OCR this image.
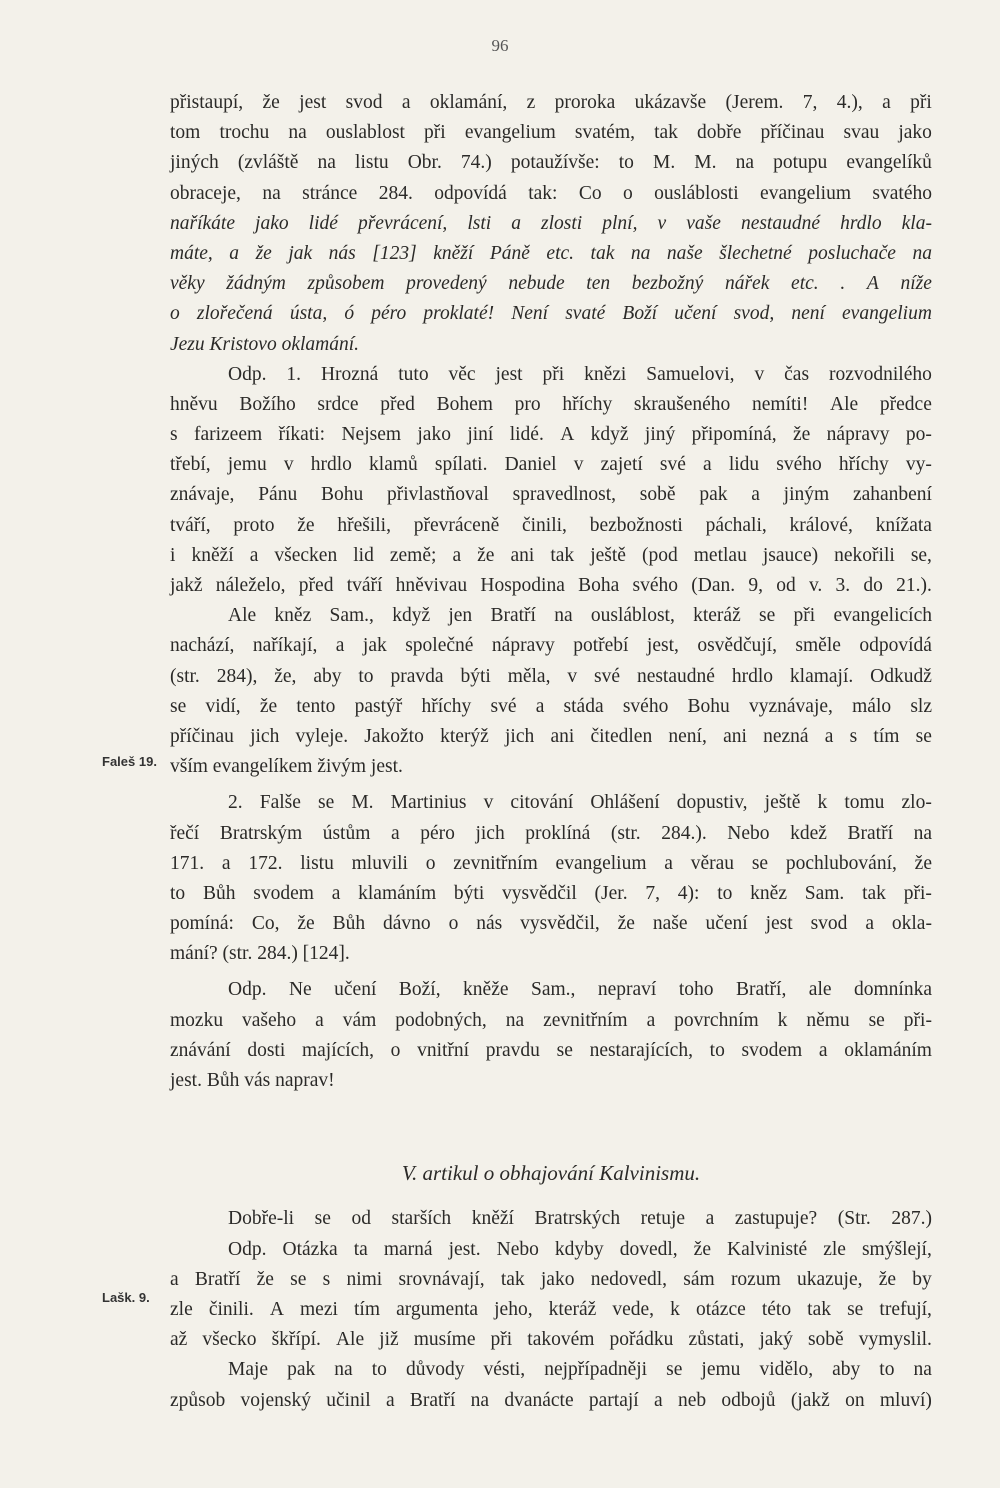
96
Faleš 19.
Lašk. 9.
přistaupí, že jest svod a oklamání, z proroka ukázavše (Jerem. 7, 4.), a při
tom trochu na ouslablost při evangelium svatém, tak dobře příčinau svau jako
jiných (zvláště na listu Obr. 74.) potaužívše: to M. M. na potupu evangelíků
obraceje, na stránce 284. odpovídá tak: Co o ousláblosti evangelium svatého
naříkáte jako lidé převrácení, lsti a zlosti plní, v vaše nestaudné hrdlo kla-
máte, a že jak nás [123] kněží Páně etc. tak na naše šlechetné posluchače na
věky žádným způsobem provedený nebude ten bezbožný nářek etc. . A níže
o zlořečená ústa, ó péro proklaté! Není svaté Boží učení svod, není evangelium
Jezu Kristovo oklamání.
Odp. 1. Hrozná tuto věc jest při knězi Samuelovi, v čas rozvodnilého
hněvu Božího srdce před Bohem pro hříchy skraušeného nemíti! Ale předce
s farizeem říkati: Nejsem jako jiní lidé. A když jiný připomíná, že nápravy po-
třebí, jemu v hrdlo klamů spílati. Daniel v zajetí své a lidu svého hříchy vy-
znávaje, Pánu Bohu přivlastňoval spravedlnost, sobě pak a jiným zahanbení
tváří, proto že hřešili, převráceně činili, bezbožnosti páchali, králové, knížata
i kněží a všecken lid země; a že ani tak ještě (pod metlau jsauce) nekořili se,
jakž náleželo, před tváří hněvivau Hospodina Boha svého (Dan. 9, od v. 3. do 21.).
Ale kněz Sam., když jen Bratří na ousláblost, kteráž se při evangelicích
nachází, naříkají, a jak společné nápravy potřebí jest, osvědčují, směle odpovídá
(str. 284), že, aby to pravda býti měla, v své nestaudné hrdlo klamají. Odkudž
se vidí, že tento pastýř hříchy své a stáda svého Bohu vyznávaje, málo slz
příčinau jich vyleje. Jakožto kterýž jich ani čitedlen není, ani nezná a s tím se
vším evangelíkem živým jest.
2. Falše se M. Martinius v citování Ohlášení dopustiv, ještě k tomu zlo-
řečí Bratrským ústům a péro jich proklíná (str. 284.). Nebo kdež Bratří na
171. a 172. listu mluvili o zevnitřním evangelium a věrau se pochlubování, že
to Bůh svodem a klamáním býti vysvědčil (Jer. 7, 4): to kněz Sam. tak při-
pomíná: Co, že Bůh dávno o nás vysvědčil, že naše učení jest svod a okla-
mání? (str. 284.) [124].
Odp. Ne učení Boží, kněže Sam., nepraví toho Bratří, ale domnínka
mozku vašeho a vám podobných, na zevnitřním a povrchním k němu se při-
znávání dosti majících, o vnitřní pravdu se nestarajících, to svodem a oklamáním
jest. Bůh vás naprav!
V. artikul o obhajování Kalvinismu.
Dobře-li se od starších kněží Bratrských retuje a zastupuje? (Str. 287.)
Odp. Otázka ta marná jest. Nebo kdyby dovedl, že Kalvinisté zle smýšlejí,
a Bratří že se s nimi srovnávají, tak jako nedovedl, sám rozum ukazuje, že by
zle činili. A mezi tím argumenta jeho, kteráž vede, k otázce této tak se trefují,
až všecko škřípí. Ale již musíme při takovém pořádku zůstati, jaký sobě vymyslil.
Maje pak na to důvody vésti, nejpřípadněji se jemu vidělo, aby to na
způsob vojenský učinil a Bratří na dvanácte partají a neb odbojů (jakž on mluví)
